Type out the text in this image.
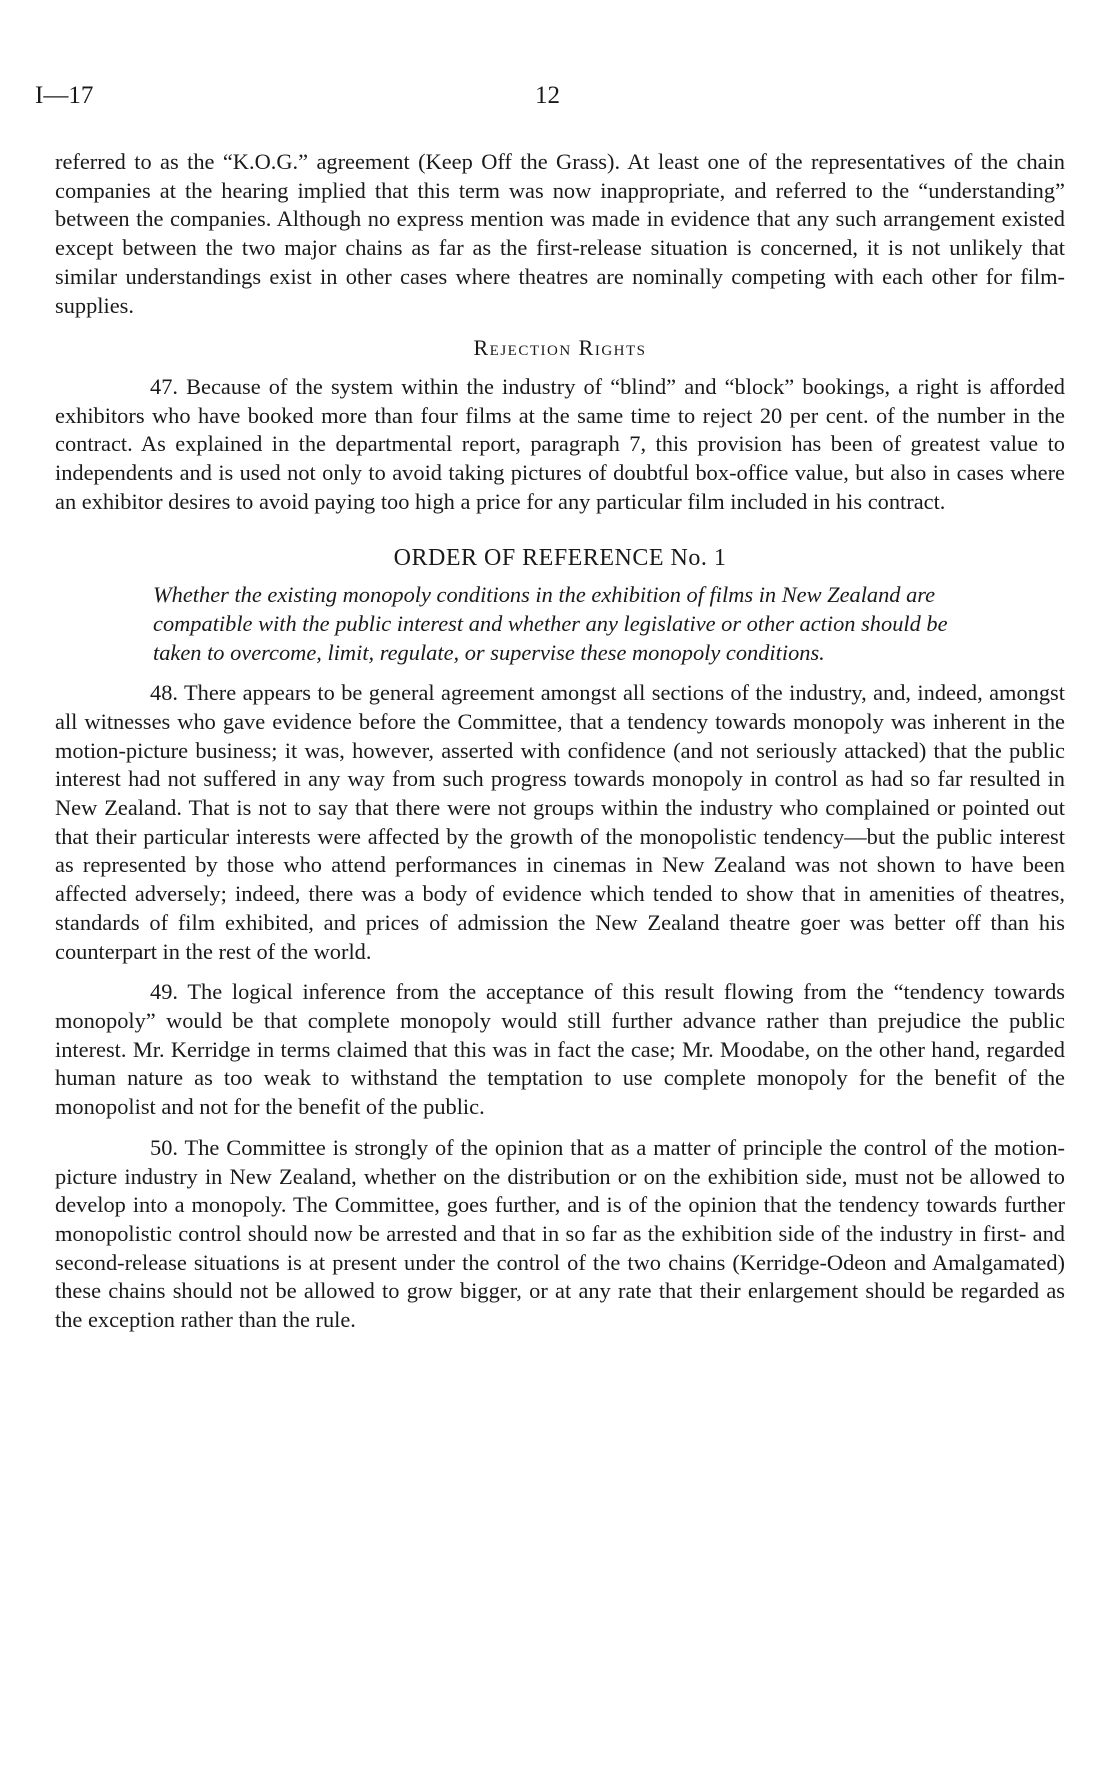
I—17	12

referred to as the “K.O.G.” agreement (Keep Off the Grass). At least one of the representatives of the chain companies at the hearing implied that this term was now inappropriate, and referred to the “understanding” between the companies. Although no express mention was made in evidence that any such arrangement existed except between the two major chains as far as the first-release situation is concerned, it is not unlikely that similar understandings exist in other cases where theatres are nominally competing with each other for film-supplies.

Rejection Rights

47. Because of the system within the industry of “blind” and “block” bookings, a right is afforded exhibitors who have booked more than four films at the same time to reject 20 per cent. of the number in the contract. As explained in the departmental report, paragraph 7, this provision has been of greatest value to independents and is used not only to avoid taking pictures of doubtful box-office value, but also in cases where an exhibitor desires to avoid paying too high a price for any particular film included in his contract.

ORDER OF REFERENCE No. 1

Whether the existing monopoly conditions in the exhibition of films in New Zealand are compatible with the public interest and whether any legislative or other action should be taken to overcome, limit, regulate, or supervise these monopoly conditions.

48. There appears to be general agreement amongst all sections of the industry, and, indeed, amongst all witnesses who gave evidence before the Committee, that a tendency towards monopoly was inherent in the motion-picture business; it was, however, asserted with confidence (and not seriously attacked) that the public interest had not suffered in any way from such progress towards monopoly in control as had so far resulted in New Zealand. That is not to say that there were not groups within the industry who complained or pointed out that their particular interests were affected by the growth of the monopolistic tendency—but the public interest as represented by those who attend performances in cinemas in New Zealand was not shown to have been affected adversely; indeed, there was a body of evidence which tended to show that in amenities of theatres, standards of film exhibited, and prices of admission the New Zealand theatre goer was better off than his counterpart in the rest of the world.

49. The logical inference from the acceptance of this result flowing from the “tendency towards monopoly” would be that complete monopoly would still further advance rather than prejudice the public interest. Mr. Kerridge in terms claimed that this was in fact the case; Mr. Moodabe, on the other hand, regarded human nature as too weak to withstand the temptation to use complete monopoly for the benefit of the monopolist and not for the benefit of the public.

50. The Committee is strongly of the opinion that as a matter of principle the control of the motion-picture industry in New Zealand, whether on the distribution or on the exhibition side, must not be allowed to develop into a monopoly. The Committee, goes further, and is of the opinion that the tendency towards further monopolistic control should now be arrested and that in so far as the exhibition side of the industry in first- and second-release situations is at present under the control of the two chains (Kerridge-Odeon and Amalgamated) these chains should not be allowed to grow bigger, or at any rate that their enlargement should be regarded as the exception rather than the rule.
